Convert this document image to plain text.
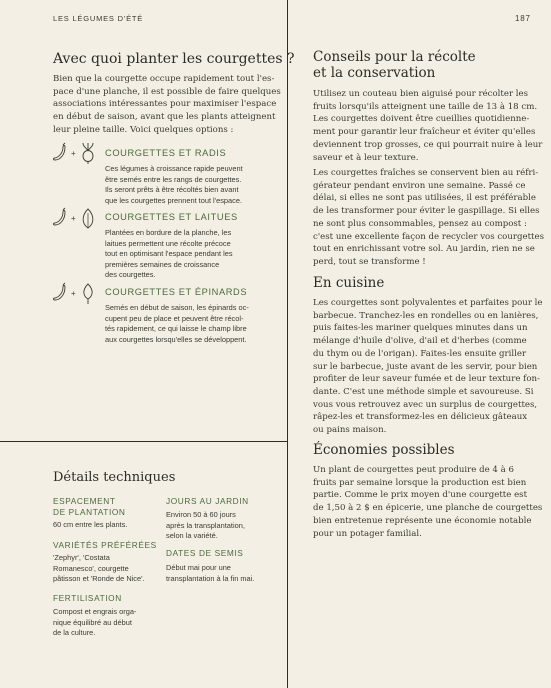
LES LÉGUMES D'ÉTÉ	187
Avec quoi planter les courgettes ?
Bien que la courgette occupe rapidement tout l'es-
pace d'une planche, il est possible de faire quelques
associations intéressantes pour maximiser l'espace
en début de saison, avant que les plants atteignent
leur pleine taille. Voici quelques options :
+	COURGETTES ET RADIS
Ces légumes à croissance rapide peuvent
être semés entre les rangs de courgettes.
Ils seront prêts à être récoltés bien avant
que les courgettes prennent tout l'espace.
+	COURGETTES ET LAITUES
Plantées en bordure de la planche, les
laitues permettent une récolte précoce
tout en optimisant l'espace pendant les
premières semaines de croissance
des courgettes.
+	COURGETTES ET ÉPINARDS
Semés en début de saison, les épinards oc-
cupent peu de place et peuvent être récol-
tés rapidement, ce qui laisse le champ libre
aux courgettes lorsqu'elles se développent.
Détails techniques
ESPACEMENT
DE PLANTATION
60 cm entre les plants.
VARIÉTÉS PRÉFÉRÉES
'Zephyr', 'Costata
Romanesco', courgette
pâtisson et 'Ronde de Nice'.
FERTILISATION
Compost et engrais orga-
nique équilibré au début
de la culture.
JOURS AU JARDIN
Environ 50 à 60 jours
après la transplantation,
selon la variété.
DATES DE SEMIS
Début mai pour une
transplantation à la fin mai.
Conseils pour la récolte
et la conservation
Utilisez un couteau bien aiguisé pour récolter les
fruits lorsqu'ils atteignent une taille de 13 à 18 cm.
Les courgettes doivent être cueillies quotidienne-
ment pour garantir leur fraîcheur et éviter qu'elles
deviennent trop grosses, ce qui pourrait nuire à leur
saveur et à leur texture.
Les courgettes fraîches se conservent bien au réfri-
gérateur pendant environ une semaine. Passé ce
délai, si elles ne sont pas utilisées, il est préférable
de les transformer pour éviter le gaspillage. Si elles
ne sont plus consommables, pensez au compost :
c'est une excellente façon de recycler vos courgettes
tout en enrichissant votre sol. Au jardin, rien ne se
perd, tout se transforme !
En cuisine
Les courgettes sont polyvalentes et parfaites pour le
barbecue. Tranchez-les en rondelles ou en lanières,
puis faites-les mariner quelques minutes dans un
mélange d'huile d'olive, d'ail et d'herbes (comme
du thym ou de l'origan). Faites-les ensuite griller
sur le barbecue, juste avant de les servir, pour bien
profiter de leur saveur fumée et de leur texture fon-
dante. C'est une méthode simple et savoureuse. Si
vous vous retrouvez avec un surplus de courgettes,
râpez-les et transformez-les en délicieux gâteaux
ou pains maison.
Économies possibles
Un plant de courgettes peut produire de 4 à 6
fruits par semaine lorsque la production est bien
partie. Comme le prix moyen d'une courgette est
de 1,50 à 2 $ en épicerie, une planche de courgettes
bien entretenue représente une économie notable
pour un potager familial.
